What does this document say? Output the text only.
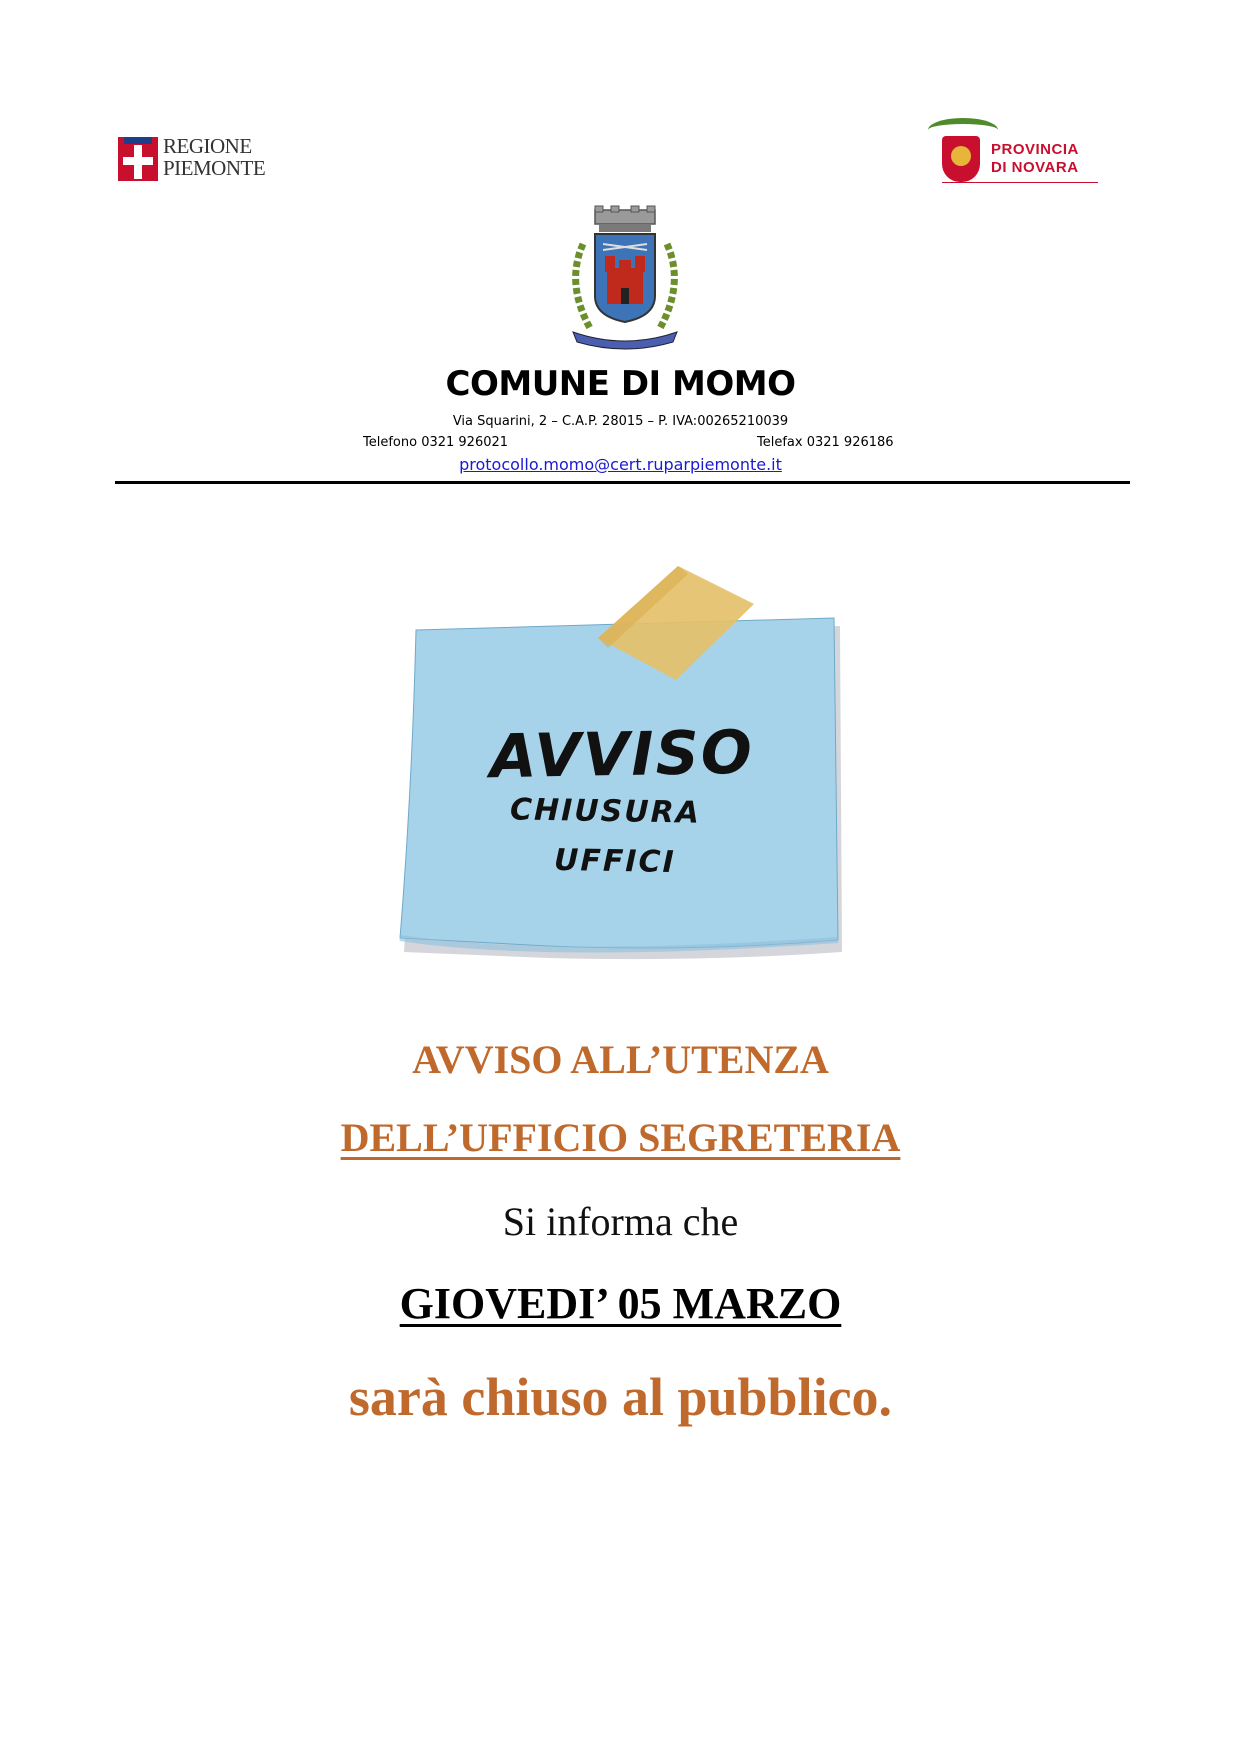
REGIONE
PIEMONTE
PROVINCIA
DI NOVARA
COMUNE DI MOMO
Via Squarini, 2 – C.A.P. 28015 – P. IVA:00265210039
Telefono 0321 926021	Telefax 0321 926186
protocollo.momo@cert.ruparpiemonte.it
AVVISO
CHIUSURA
UFFICI
AVVISO ALL’UTENZA
DELL’UFFICIO SEGRETERIA
Si informa che
GIOVEDI’ 05 MARZO
sarà chiuso al pubblico.
